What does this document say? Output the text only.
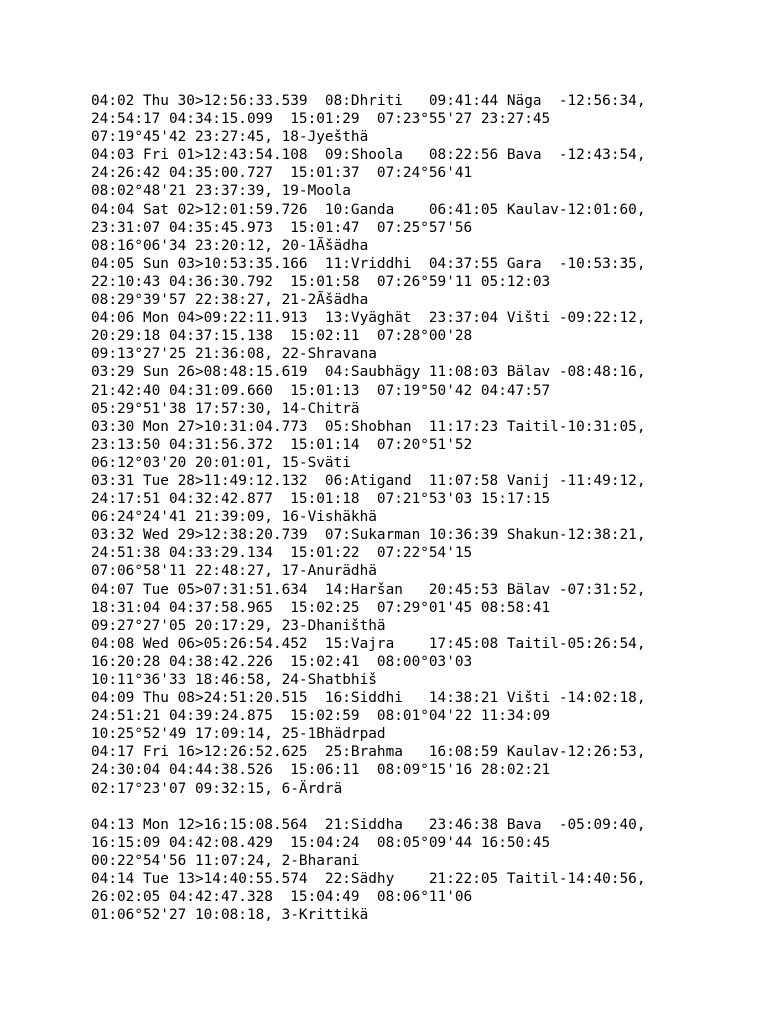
04:02 Thu 30>12:56:33.539  08:Dhriti   09:41:44 Näga  -12:56:34,
24:54:17 04:34:15.099  15:01:29  07:23°55'27 23:27:45
07:19°45'42 23:27:45, 18-Jyešthä
04:03 Fri 01>12:43:54.108  09:Shoola   08:22:56 Bava  -12:43:54,
24:26:42 04:35:00.727  15:01:37  07:24°56'41
08:02°48'21 23:37:39, 19-Moola
04:04 Sat 02>12:01:59.726  10:Ganda    06:41:05 Kaulav-12:01:60,
23:31:07 04:35:45.973  15:01:47  07:25°57'56
08:16°06'34 23:20:12, 20-1Ãšädha
04:05 Sun 03>10:53:35.166  11:Vriddhi  04:37:55 Gara  -10:53:35,
22:10:43 04:36:30.792  15:01:58  07:26°59'11 05:12:03
08:29°39'57 22:38:27, 21-2Ãšädha
04:06 Mon 04>09:22:11.913  13:Vyäghät  23:37:04 Višti -09:22:12,
20:29:18 04:37:15.138  15:02:11  07:28°00'28
09:13°27'25 21:36:08, 22-Shravana
03:29 Sun 26>08:48:15.619  04:Saubhägy 11:08:03 Bälav -08:48:16,
21:42:40 04:31:09.660  15:01:13  07:19°50'42 04:47:57
05:29°51'38 17:57:30, 14-Chiträ
03:30 Mon 27>10:31:04.773  05:Shobhan  11:17:23 Taitil-10:31:05,
23:13:50 04:31:56.372  15:01:14  07:20°51'52
06:12°03'20 20:01:01, 15-Sväti
03:31 Tue 28>11:49:12.132  06:Atigand  11:07:58 Vanij -11:49:12,
24:17:51 04:32:42.877  15:01:18  07:21°53'03 15:17:15
06:24°24'41 21:39:09, 16-Vishäkhä
03:32 Wed 29>12:38:20.739  07:Sukarman 10:36:39 Shakun-12:38:21,
24:51:38 04:33:29.134  15:01:22  07:22°54'15
07:06°58'11 22:48:27, 17-Anurädhä
04:07 Tue 05>07:31:51.634  14:Haršan   20:45:53 Bälav -07:31:52,
18:31:04 04:37:58.965  15:02:25  07:29°01'45 08:58:41
09:27°27'05 20:17:29, 23-Dhaništhä
04:08 Wed 06>05:26:54.452  15:Vajra    17:45:08 Taitil-05:26:54,
16:20:28 04:38:42.226  15:02:41  08:00°03'03
10:11°36'33 18:46:58, 24-Shatbhiš
04:09 Thu 08>24:51:20.515  16:Siddhi   14:38:21 Višti -14:02:18,
24:51:21 04:39:24.875  15:02:59  08:01°04'22 11:34:09
10:25°52'49 17:09:14, 25-1Bhädrpad
04:17 Fri 16>12:26:52.625  25:Brahma   16:08:59 Kaulav-12:26:53,
24:30:04 04:44:38.526  15:06:11  08:09°15'16 28:02:21
02:17°23'07 09:32:15, 6-Ärdrä
04:13 Mon 12>16:15:08.564  21:Siddha   23:46:38 Bava  -05:09:40,
16:15:09 04:42:08.429  15:04:24  08:05°09'44 16:50:45
00:22°54'56 11:07:24, 2-Bharani
04:14 Tue 13>14:40:55.574  22:Sädhy    21:22:05 Taitil-14:40:56,
26:02:05 04:42:47.328  15:04:49  08:06°11'06
01:06°52'27 10:08:18, 3-Krittikä
